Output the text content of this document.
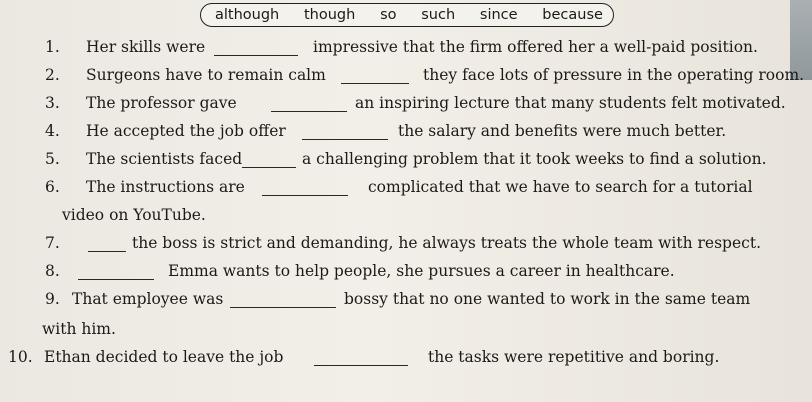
although though so such since because
1. Her skills were	impressive that the firm offered her a well-paid position.
2. Surgeons have to remain calm	they face lots of pressure in the operating room.
3. The professor gave	an inspiring lecture that many students felt motivated.
4. He accepted the job offer	the salary and benefits were much better.
5. The scientists faced	a challenging problem that it took weeks to find a solution.
6. The instructions are	complicated that we have to search for a tutorial
video on YouTube.
7.	the boss is strict and demanding, he always treats the whole team with respect.
8.	Emma wants to help people, she pursues a career in healthcare.
9. That employee was	bossy that no one wanted to work in the same team
with him.
10. Ethan decided to leave the job	the tasks were repetitive and boring.
